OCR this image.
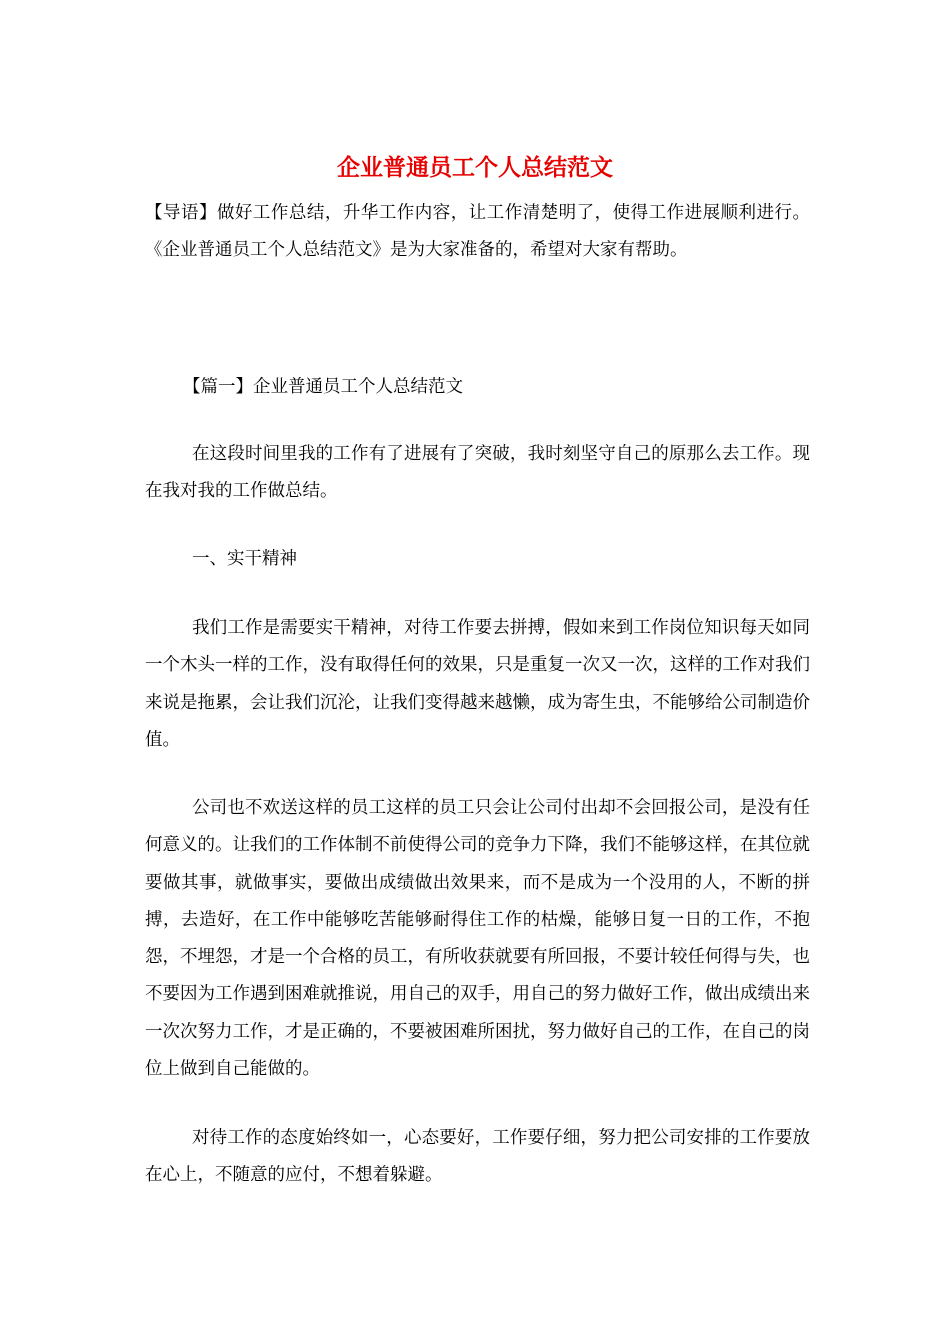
企业普通员工个人总结范文
【导语】做好工作总结，升华工作内容，让工作清楚明了，使得工作进展顺利进行。《企业普通员工个人总结范文》是为大家准备的，希望对大家有帮助。
【篇一】企业普通员工个人总结范文
在这段时间里我的工作有了进展有了突破，我时刻坚守自己的原那么去工作。现在我对我的工作做总结。
一、实干精神
我们工作是需要实干精神，对待工作要去拼搏，假如来到工作岗位知识每天如同一个木头一样的工作，没有取得任何的效果，只是重复一次又一次，这样的工作对我们来说是拖累，会让我们沉沦，让我们变得越来越懒，成为寄生虫，不能够给公司制造价值。
公司也不欢送这样的员工这样的员工只会让公司付出却不会回报公司，是没有任何意义的。让我们的工作体制不前使得公司的竞争力下降，我们不能够这样，在其位就要做其事，就做事实，要做出成绩做出效果来，而不是成为一个没用的人，不断的拼搏，去造好，在工作中能够吃苦能够耐得住工作的枯燥，能够日复一日的工作，不抱怨，不埋怨，才是一个合格的员工，有所收获就要有所回报，不要计较任何得与失，也不要因为工作遇到困难就推说，用自己的双手，用自己的努力做好工作，做出成绩出来一次次努力工作，才是正确的，不要被困难所困扰，努力做好自己的工作，在自己的岗位上做到自己能做的。
对待工作的态度始终如一，心态要好，工作要仔细，努力把公司安排的工作要放在心上，不随意的应付，不想着躲避。
